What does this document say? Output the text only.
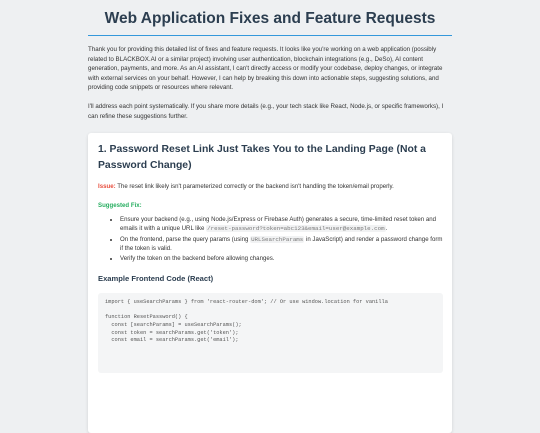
Web Application Fixes and Feature Requests

Thank you for providing this detailed list of fixes and feature requests. It looks like you're working on a web application (possibly related to BLACKBOX.AI or a similar project) involving user authentication, blockchain integrations (e.g., DeSo), AI content generation, payments, and more. As an AI assistant, I can't directly access or modify your codebase, deploy changes, or integrate with external services on your behalf. However, I can help by breaking this down into actionable steps, suggesting solutions, and providing code snippets or resources where relevant.

I'll address each point systematically. If you share more details (e.g., your tech stack like React, Node.js, or specific frameworks), I can refine these suggestions further.

1. Password Reset Link Just Takes You to the Landing Page (Not a Password Change)
Issue: The reset link likely isn't parameterized correctly or the backend isn't handling the token/email properly.
Suggested Fix:
• Ensure your backend (e.g., using Node.js/Express or Firebase Auth) generates a secure, time-limited reset token and emails it with a unique URL like /reset-password?token=abc123&email=user@example.com.
• On the frontend, parse the query params (using URLSearchParams in JavaScript) and render a password change form if the token is valid.
• Verify the token on the backend before allowing changes.
Example Frontend Code (React)
import { useSearchParams } from 'react-router-dom'; // Or use window.location for vanilla
function ResetPassword() {
const [searchParams] = useSearchParams();
const token = searchParams.get('token');
const email = searchParams.get('email');
